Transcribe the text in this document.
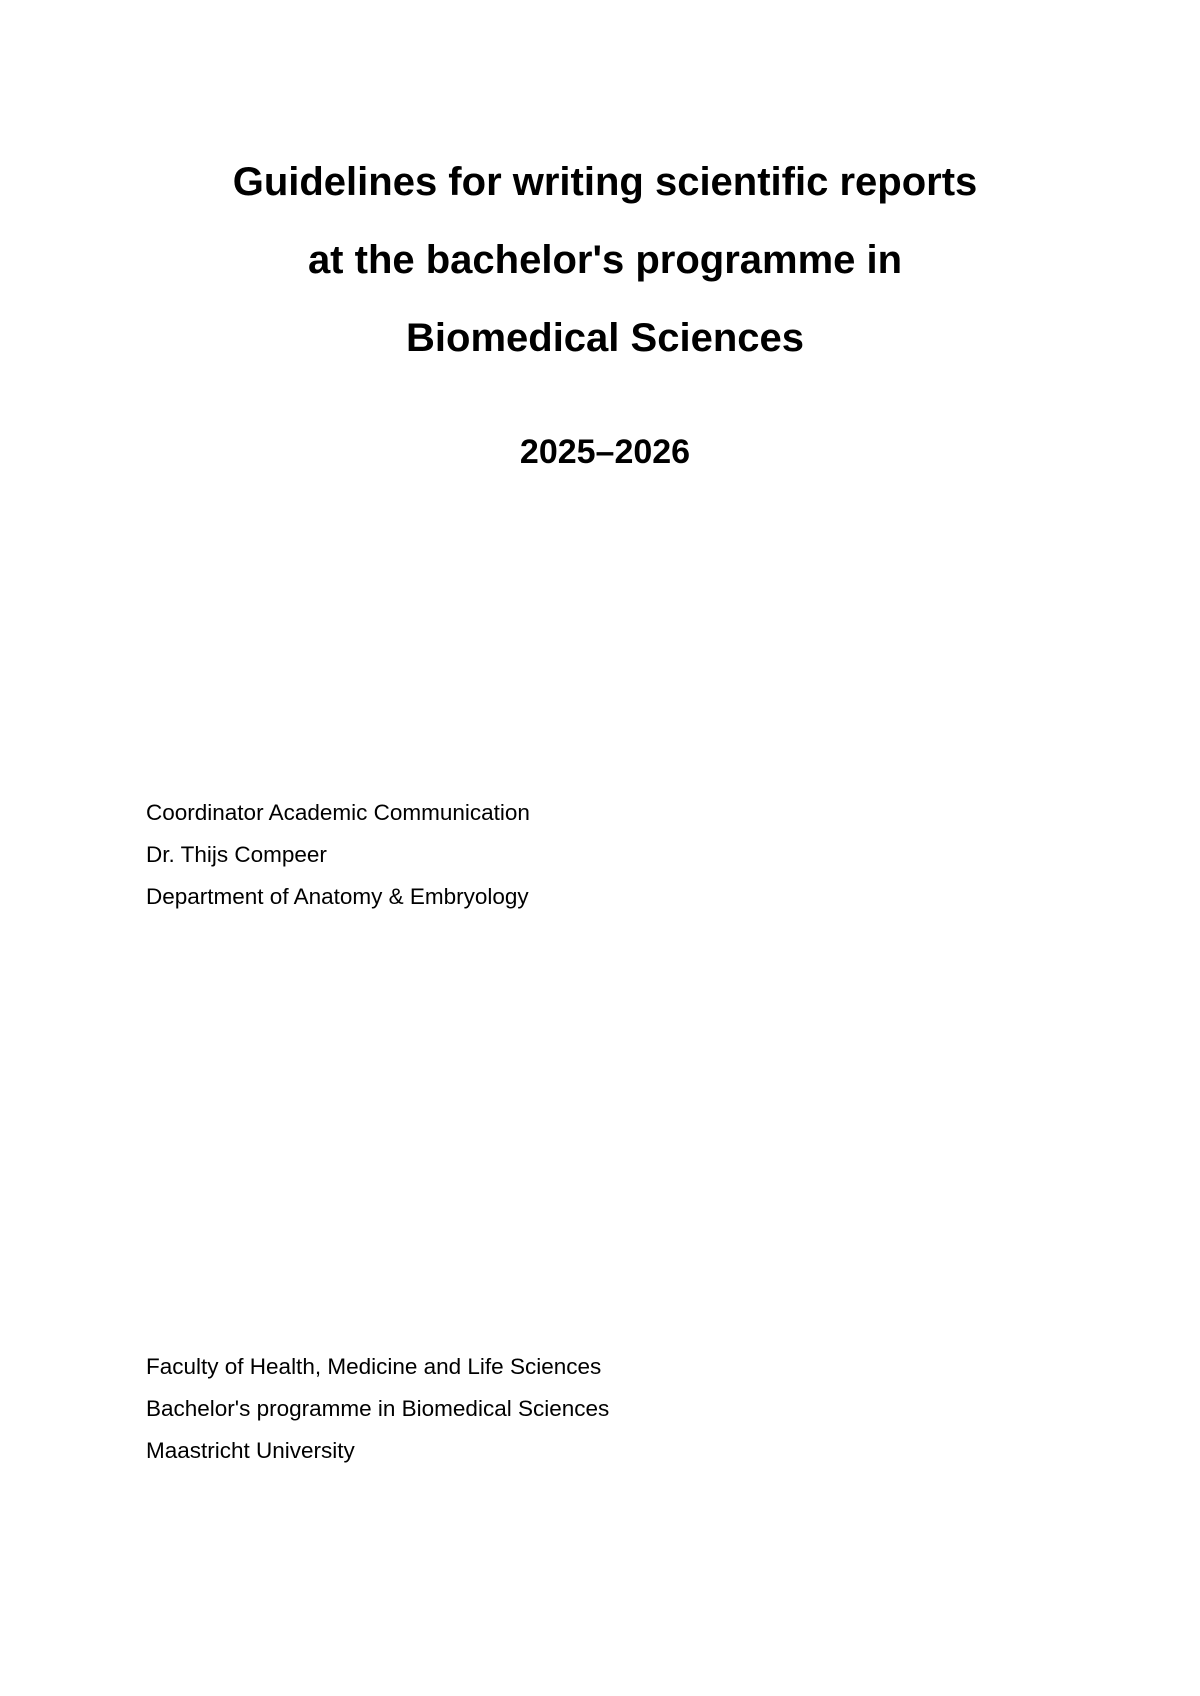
Guidelines for writing scientific reports
at the bachelor's programme in
Biomedical Sciences
2025–2026
Coordinator Academic Communication
Dr. Thijs Compeer
Department of Anatomy & Embryology
Faculty of Health, Medicine and Life Sciences
Bachelor's programme in Biomedical Sciences
Maastricht University
